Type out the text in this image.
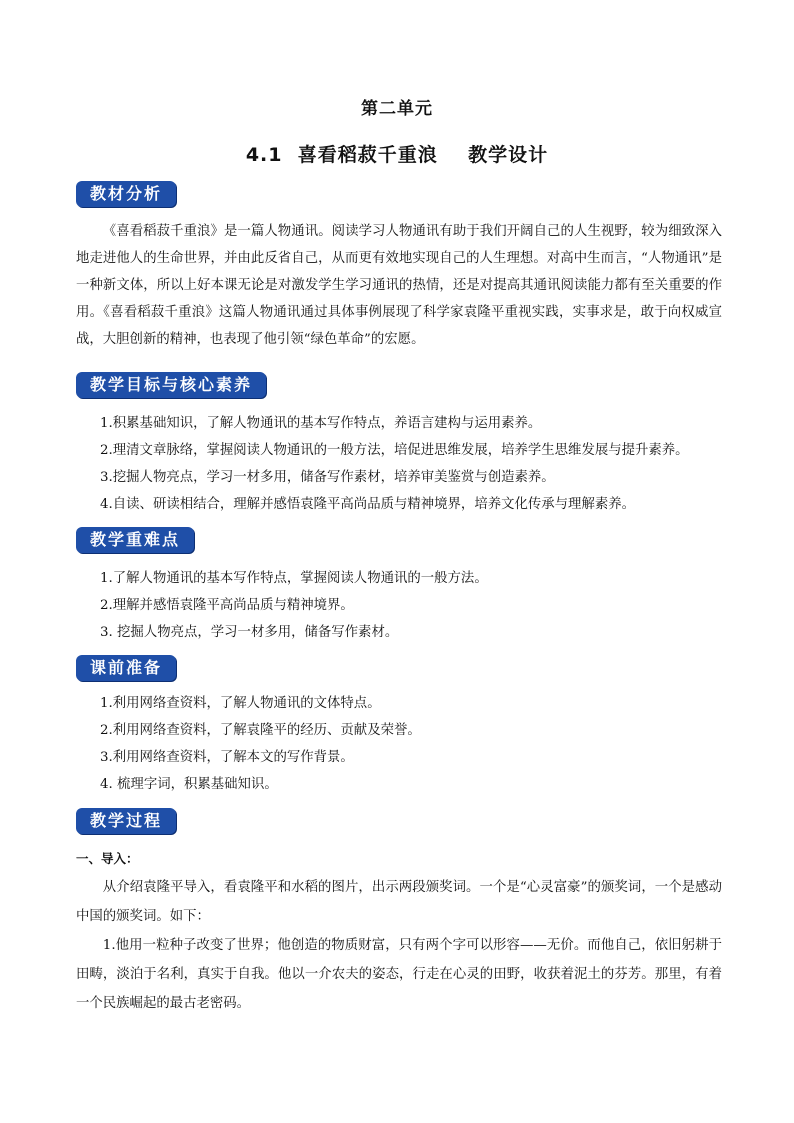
第二单元
4.1  喜看稻菽千重浪    教学设计
教材分析
《喜看稻菽千重浪》是一篇人物通讯。阅读学习人物通讯有助于我们开阔自己的人生视野，较为细致深入地走进他人的生命世界，并由此反省自己，从而更有效地实现自己的人生理想。对高中生而言，“人物通讯”是一种新文体，所以上好本课无论是对激发学生学习通讯的热情，还是对提高其通讯阅读能力都有至关重要的作用。《喜看稻菽千重浪》这篇人物通讯通过具体事例展现了科学家袁隆平重视实践，实事求是，敢于向权威宣战，大胆创新的精神，也表现了他引领“绿色革命”的宏愿。
教学目标与核心素养
1.积累基础知识，了解人物通讯的基本写作特点，养语言建构与运用素养。
2.理清文章脉络，掌握阅读人物通讯的一般方法，培促进思维发展，培养学生思维发展与提升素养。
3.挖掘人物亮点，学习一材多用，储备写作素材，培养审美鉴赏与创造素养。
4.自读、研读相结合，理解并感悟袁隆平高尚品质与精神境界，培养文化传承与理解素养。
教学重难点
1.了解人物通讯的基本写作特点，掌握阅读人物通讯的一般方法。
2.理解并感悟袁隆平高尚品质与精神境界。
3. 挖掘人物亮点，学习一材多用，储备写作素材。
课前准备
1.利用网络查资料，了解人物通讯的文体特点。
2.利用网络查资料，了解袁隆平的经历、贡献及荣誉。
3.利用网络查资料，了解本文的写作背景。
4. 梳理字词，积累基础知识。
教学过程
一、导入：
从介绍袁隆平导入，看袁隆平和水稻的图片，出示两段颁奖词。一个是“心灵富豪”的颁奖词，一个是感动中国的颁奖词。如下：
1.他用一粒种子改变了世界；他创造的物质财富，只有两个字可以形容——无价。而他自己，依旧躬耕于田畴，淡泊于名利，真实于自我。他以一介农夫的姿态，行走在心灵的田野，收获着泥土的芬芳。那里，有着一个民族崛起的最古老密码。
